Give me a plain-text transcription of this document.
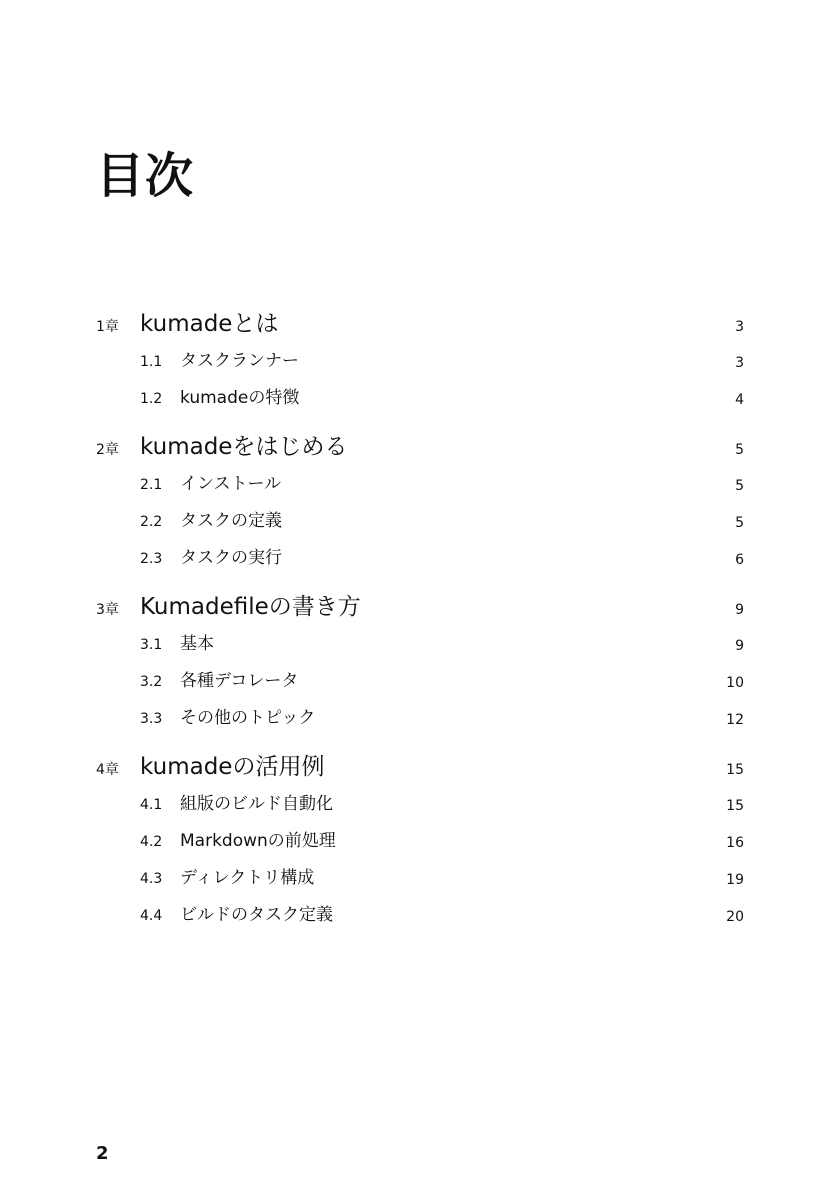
目次
1章 kumadeとは	3
1.1 タスクランナー	3
1.2 kumadeの特徴	4
2章 kumadeをはじめる	5
2.1 インストール	5
2.2 タスクの定義	5
2.3 タスクの実行	6
3章 Kumadefileの書き方	9
3.1 基本	9
3.2 各種デコレータ	10
3.3 その他のトピック	12
4章 kumadeの活用例	15
4.1 組版のビルド自動化	15
4.2 Markdownの前処理	16
4.3 ディレクトリ構成	19
4.4 ビルドのタスク定義	20
2
